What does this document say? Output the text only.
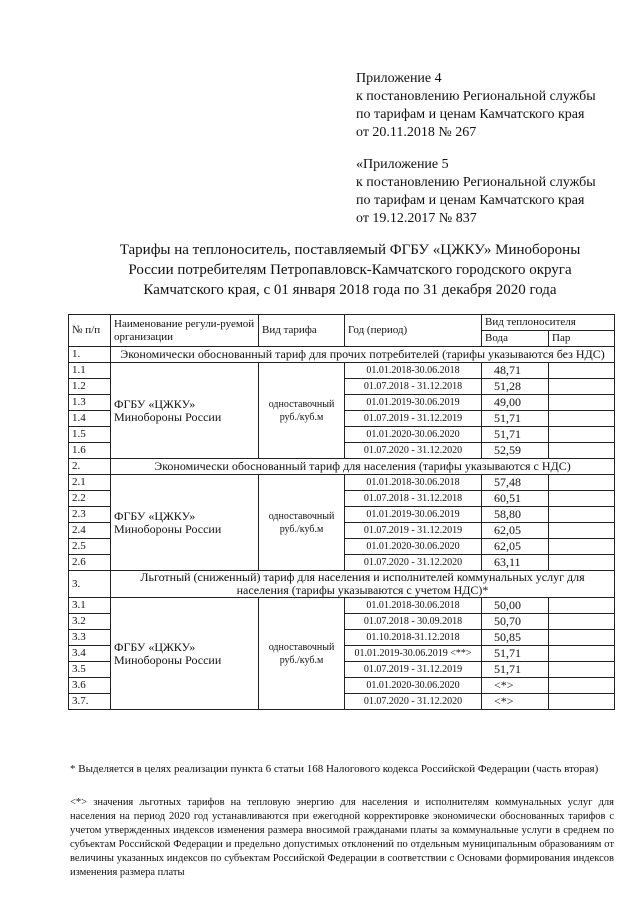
Приложение 4
к постановлению Региональной службы
по тарифам и ценам Камчатского края
от 20.11.2018 № 267
«Приложение 5
к постановлению Региональной службы
по тарифам и ценам Камчатского края
от 19.12.2017 № 837
Тарифы на теплоноситель, поставляемый ФГБУ «ЦЖКУ» Минобороны
России потребителям Петропавловск-Камчатского городского округа
Камчатского края, с 01 января 2018 года по 31 декабря 2020 года
№ п/п	Наименование регули-руемой организации	Вид тарифа	Год (период)	Вид теплоносителя	
				Вода	Пар
1.	Экономически обоснованный тариф для прочих потребителей (тарифы указываются без НДС)				
1.1	ФГБУ «ЦЖКУ» Минобороны России	одноставочный руб./куб.м	01.01.2018-30.06.2018	48,71	
1.2			01.07.2018 - 31.12.2018	51,28	
1.3			01.01.2019-30.06.2019	49,00	
1.4			01.07.2019 - 31.12.2019	51,71	
1.5			01.01.2020-30.06.2020	51,71	
1.6			01.07.2020 - 31.12.2020	52,59	
2.	Экономически обоснованный тариф для населения (тарифы указываются с НДС)				
2.1	ФГБУ «ЦЖКУ» Минобороны России	одноставочный руб./куб.м	01.01.2018-30.06.2018	57,48	
2.2			01.07.2018 - 31.12.2018	60,51	
2.3			01.01.2019-30.06.2019	58,80	
2.4			01.07.2019 - 31.12.2019	62,05	
2.5			01.01.2020-30.06.2020	62,05	
2.6			01.07.2020 - 31.12.2020	63,11	
3.	Льготный (сниженный) тариф для населения и исполнителей коммунальных услуг для населения (тарифы указываются с учетом НДС)*				
3.1	ФГБУ «ЦЖКУ» Минобороны России	одноставочный руб./куб.м	01.01.2018-30.06.2018	50,00	
3.2			01.07.2018 - 30.09.2018	50,70	
3.3			01.10.2018-31.12.2018	50,85	
3.4			01.01.2019-30.06.2019 <**>	51,71	
3.5			01.07.2019 - 31.12.2019	51,71	
3.6			01.01.2020-30.06.2020	<*>	
3.7.			01.07.2020 - 31.12.2020	<*>	
* Выделяется в целях реализации пункта 6 статьи 168 Налогового кодекса Российской Федерации (часть вторая)
<*> значения льготных тарифов на тепловую энергию для населения и исполнителям коммунальных услуг для населения на период 2020 год устанавливаются при ежегодной корректировке экономически обоснованных тарифов с учетом утвержденных индексов изменения размера вносимой гражданами платы за коммунальные услуги в среднем по субъектам Российской Федерации и предельно допустимых отклонений по отдельным муниципальным образованиям от величины указанных индексов по субъектам Российской Федерации в соответствии с Основами формирования индексов изменения размера платы
